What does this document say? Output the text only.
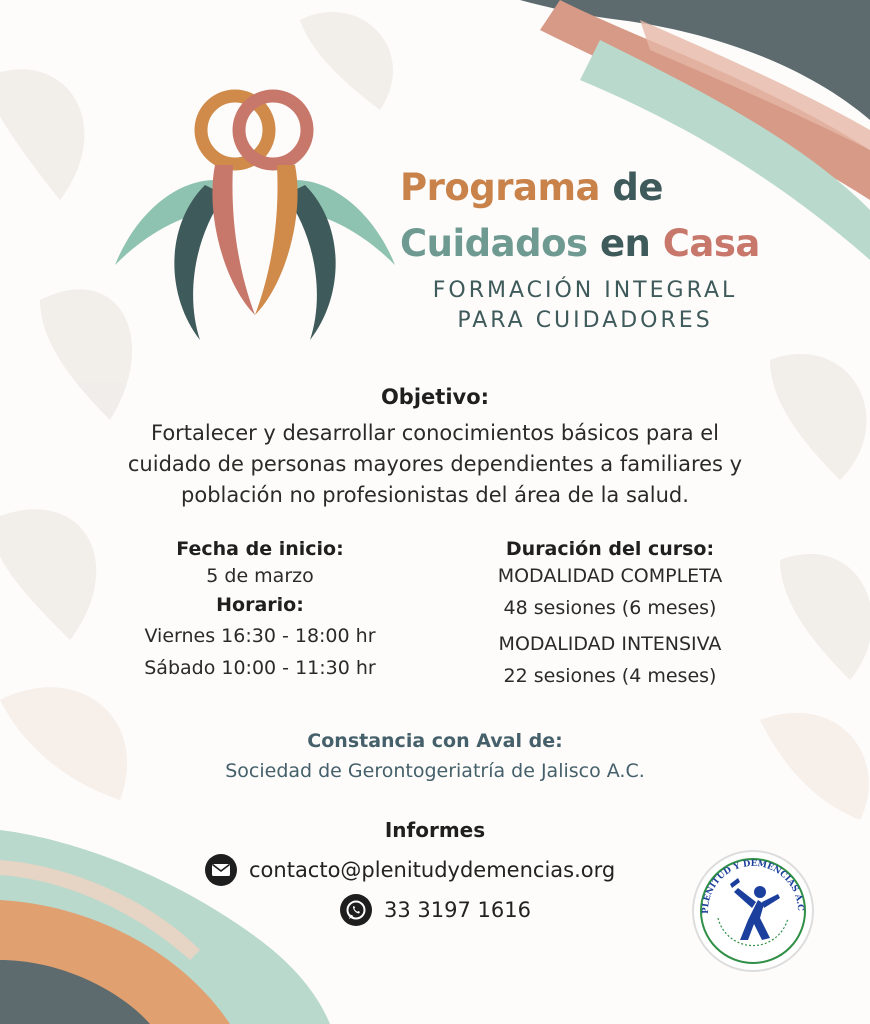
Programa de
Cuidados en Casa
FORMACIÓN INTEGRAL
PARA CUIDADORES
Objetivo:
Fortalecer y desarrollar conocimientos básicos para el
cuidado de personas mayores dependientes a familiares y
población no profesionistas del área de la salud.
Fecha de inicio:
5 de marzo
Horario:
Viernes 16:30 - 18:00 hr
Sábado 10:00 - 11:30 hr
Duración del curso:
MODALIDAD COMPLETA
48 sesiones (6 meses)
MODALIDAD INTENSIVA
22 sesiones (4 meses)
Constancia con Aval de:
Sociedad de Gerontogeriatría de Jalisco A.C.
Informes
contacto@plenitudydemencias.org
33 3197 1616	PLENITUD Y DEMENCIAS A.C
